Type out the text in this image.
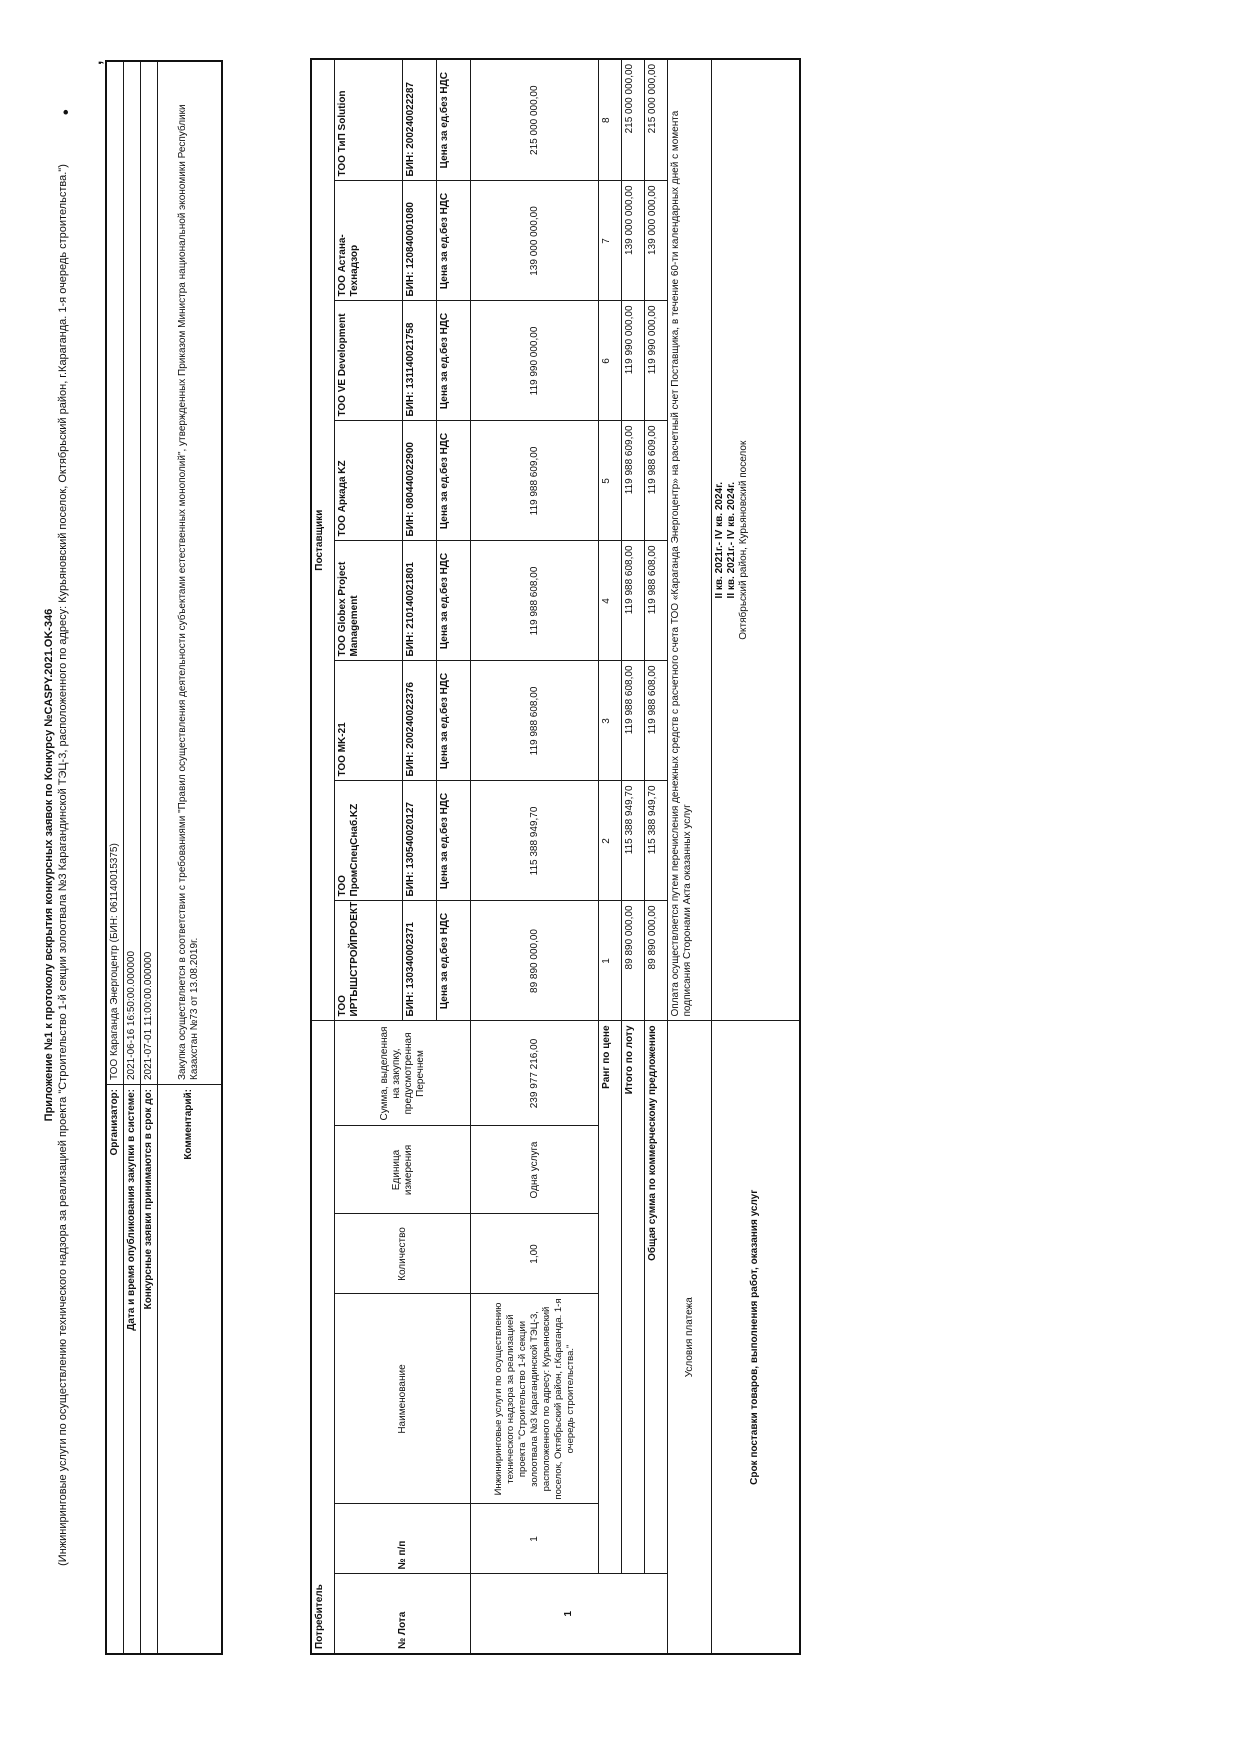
,
•
Приложение №1 к протоколу вскрытия конкурсных заявок по Конкурсу №CASPY.2021.OK-346 (Инжиниринговые услуги по осуществлению технического надзора за реализацией проекта "Строительство 1-й секции золоотвала №3 Карагандинской ТЭЦ-3, расположенного по адресу: Курьяновский поселок, Октябрьский район, г.Караганда. 1-я очередь строительства.")	Организатор:	ТОО Караганда Энергоцентр (БИН: 061140015375)
Дата и время опубликования закупки в системе:	2021-06-16 16:50:00.000000
Конкурсные заявки принимаются в срок до:	2021-07-01 11:00:00.000000
Комментарий:	Закупка осуществляется в соответствии с требованиями "Правил осуществления деятельности субъектами естественных монополий", утвержденных Приказом Министра национальной экономики Республики Казахстан №73 от 13.08.2019г.
Потребитель						Поставщики							
№ Лота	№ п/п	Наименование	Количество	Единица измерения	Сумма, выделенная на закупку, предусмотренная Перечнем	ТОО ИРТЫШСТРОЙПРОЕКТ	ТОО ПромСпецСнаб.KZ	ТОО MK-21	ТОО Globex Project Management	ТОО Аркада KZ	ТОО VE Development	ТОО Астана-Технадзор	ТОО ТиП Solution
						БИН: 130340002371	БИН: 130540020127	БИН: 200240022376	БИН: 210140021801	БИН: 080440022900	БИН: 131140021758	БИН: 120840001080	БИН: 200240022287
						Цена за ед.без НДС	Цена за ед.без НДС	Цена за ед.без НДС	Цена за ед.без НДС	Цена за ед.без НДС	Цена за ед.без НДС	Цена за ед.без НДС	Цена за ед.без НДС
1	1	Инжиниринговые услуги по осуществлению технического надзора за реализацией проекта "Строительство 1-й секции золоотвала №3 Карагандинской ТЭЦ-3, расположенного по адресу: Курьяновский поселок, Октябрьский район, г.Караганда. 1-я очередь строительства."	1,00	Одна услуга	239 977 216,00	89 890 000,00	115 388 949,70	119 988 608,00	119 988 608,00	119 988 609,00	119 990 000,00	139 000 000,00	215 000 000,00
	Ранг по цене					1	2	3	4	5	6	7	8
	Итого по лоту					89 890 000,00	115 388 949,70	119 988 608,00	119 988 608,00	119 988 609,00	119 990 000,00	139 000 000,00	215 000 000,00
	Общая сумма по коммерческому предложению					89 890 000,00	115 388 949,70	119 988 608,00	119 988 608,00	119 988 609,00	119 990 000,00	139 000 000,00	215 000 000,00
Условия платежа						Оплата осуществляется путем перечисления денежных средств с расчетного счета ТОО «Караганда Энергоцентр» на расчетный счет Поставщика, в течение 60-ти календарных дней с момента подписания Сторонами Акта оказанных услуг							
Срок поставки товаров, выполнения работ, оказания услуг						II кв. 2021г.- IV кв. 2024г. II кв. 2021г.- IV кв. 2024г. Октябрьский район, Курьяновский поселок							
